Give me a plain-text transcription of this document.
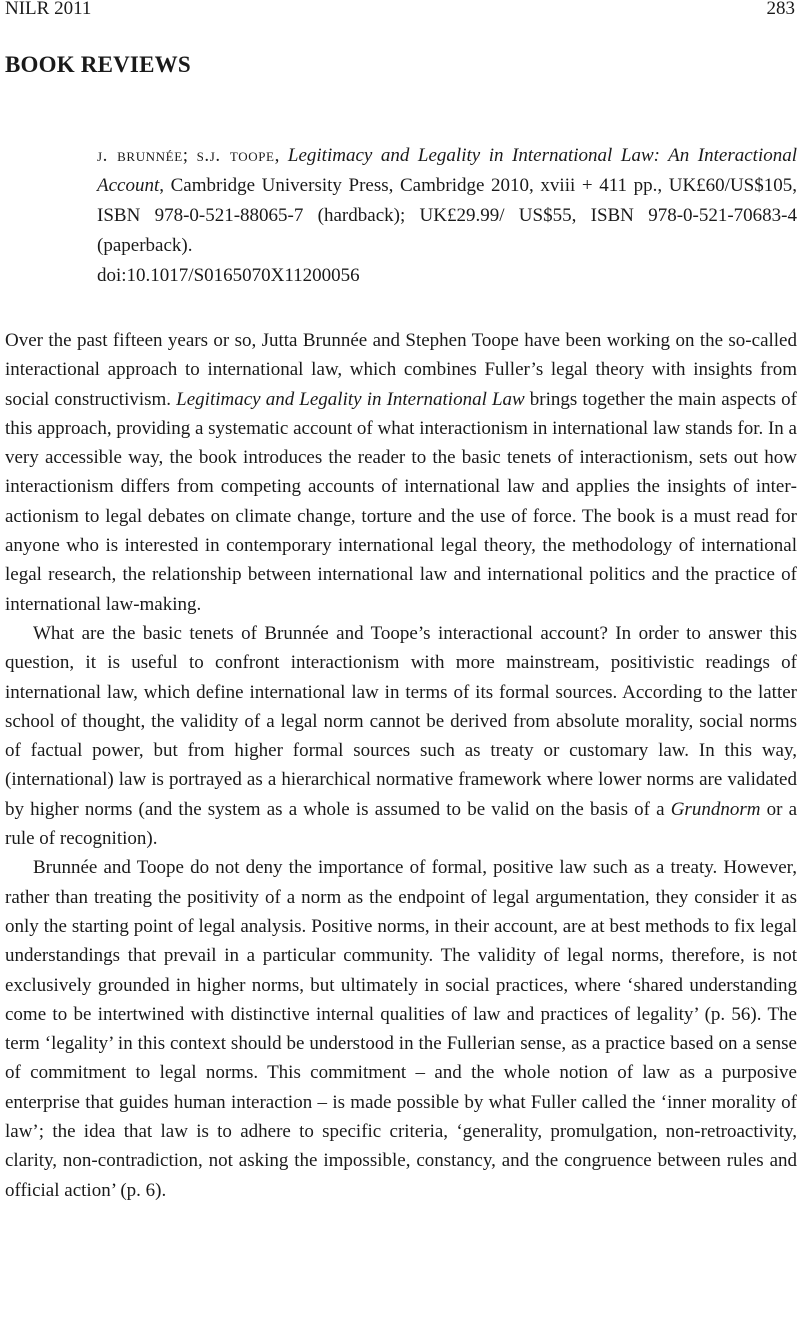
NILR 2011	283
BOOK REVIEWS
j. brunnée; s.j. toope, Legitimacy and Legality in International Law: An Interactional Account, Cambridge University Press, Cambridge 2010, xviii + 411 pp., UK£60/US$105, ISBN 978-0-521-88065-7 (hardback); UK£29.99/ US$55, ISBN 978-0-521-70683-4 (paperback).
doi:10.1017/S0165070X11200056

Over the past fifteen years or so, Jutta Brunnée and Stephen Toope have been working on the so-called interactional approach to international law, which combines Fuller’s legal theory with insights from social constructivism. Legitimacy and Legality in International Law brings together the main aspects of this approach, providing a systematic account of what interactionism in international law stands for. In a very accessible way, the book introduces the reader to the basic tenets of interactionism, sets out how interactionism differs from competing accounts of international law and applies the insights of interactionism to legal debates on climate change, torture and the use of force. The book is a must read for anyone who is interested in contemporary international legal theory, the methodology of international legal research, the relationship between international law and international politics and the practice of international law-making.

What are the basic tenets of Brunnée and Toope’s interactional account? In order to answer this question, it is useful to confront interactionism with more mainstream, positivistic readings of international law, which define international law in terms of its formal sources. According to the latter school of thought, the validity of a legal norm cannot be derived from absolute morality, social norms of factual power, but from higher formal sources such as treaty or customary law. In this way, (international) law is portrayed as a hierarchical normative framework where lower norms are validated by higher norms (and the system as a whole is assumed to be valid on the basis of a Grundnorm or a rule of recognition).

Brunnée and Toope do not deny the importance of formal, positive law such as a treaty. However, rather than treating the positivity of a norm as the endpoint of legal argumentation, they consider it as only the starting point of legal analysis. Positive norms, in their account, are at best methods to fix legal understandings that prevail in a particular community. The validity of legal norms, therefore, is not exclusively grounded in higher norms, but ultimately in social practices, where ‘shared understanding come to be intertwined with distinctive internal qualities of law and practices of legality’ (p. 56). The term ‘legality’ in this context should be understood in the Fullerian sense, as a practice based on a sense of commitment to legal norms. This commitment – and the whole notion of law as a purposive enterprise that guides human interaction – is made possible by what Fuller called the ‘inner morality of law’; the idea that law is to adhere to specific criteria, ‘generality, promulgation, non-retroactivity, clarity, non-contradiction, not asking the impossible, constancy, and the congruence between rules and official action’ (p. 6).
